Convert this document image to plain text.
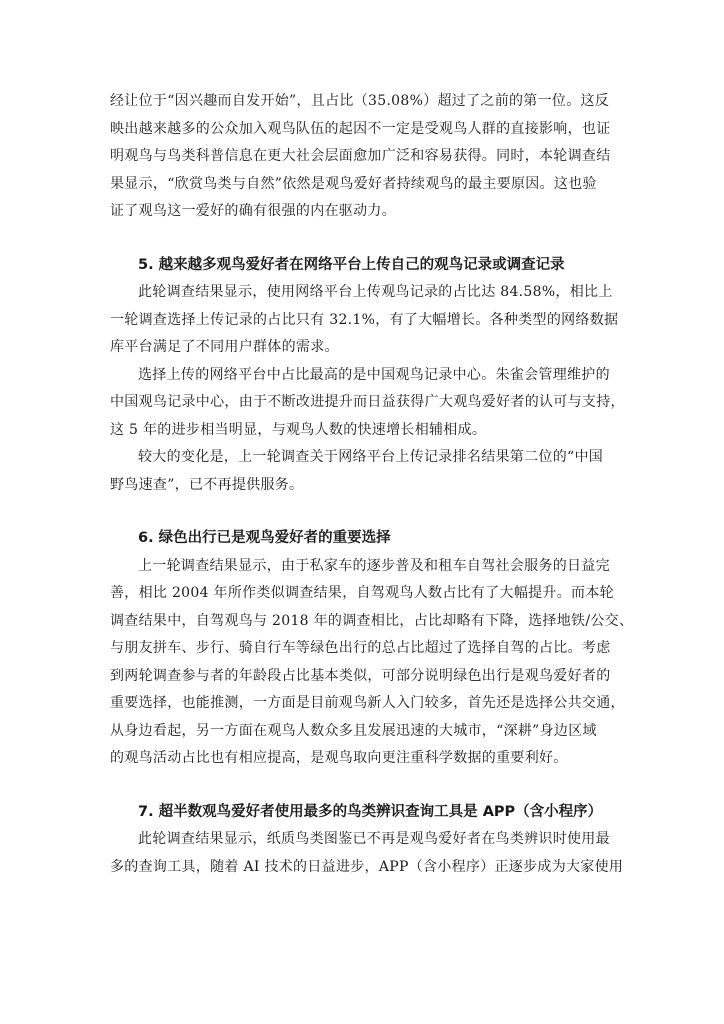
经让位于“因兴趣而自发开始”，且占比（35.08%）超过了之前的第一位。这反
映出越来越多的公众加入观鸟队伍的起因不一定是受观鸟人群的直接影响，也证
明观鸟与鸟类科普信息在更大社会层面愈加广泛和容易获得。同时，本轮调查结
果显示，“欣赏鸟类与自然”依然是观鸟爱好者持续观鸟的最主要原因。这也验
证了观鸟这一爱好的确有很强的内在驱动力。

5. 越来越多观鸟爱好者在网络平台上传自己的观鸟记录或调查记录

此轮调查结果显示，使用网络平台上传观鸟记录的占比达 84.58%，相比上
一轮调查选择上传记录的占比只有 32.1%，有了大幅增长。各种类型的网络数据
库平台满足了不同用户群体的需求。

选择上传的网络平台中占比最高的是中国观鸟记录中心。朱雀会管理维护的
中国观鸟记录中心，由于不断改进提升而日益获得广大观鸟爱好者的认可与支持，
这 5 年的进步相当明显，与观鸟人数的快速增长相辅相成。

较大的变化是，上一轮调查关于网络平台上传记录排名结果第二位的“中国
野鸟速查”，已不再提供服务。

6. 绿色出行已是观鸟爱好者的重要选择

上一轮调查结果显示，由于私家车的逐步普及和租车自驾社会服务的日益完
善，相比 2004 年所作类似调查结果，自驾观鸟人数占比有了大幅提升。而本轮
调查结果中，自驾观鸟与 2018 年的调查相比，占比却略有下降，选择地铁/公交、
与朋友拼车、步行、骑自行车等绿色出行的总占比超过了选择自驾的占比。考虑
到两轮调查参与者的年龄段占比基本类似，可部分说明绿色出行是观鸟爱好者的
重要选择，也能推测，一方面是目前观鸟新人入门较多，首先还是选择公共交通，
从身边看起，另一方面在观鸟人数众多且发展迅速的大城市，“深耕”身边区域
的观鸟活动占比也有相应提高，是观鸟取向更注重科学数据的重要利好。

7. 超半数观鸟爱好者使用最多的鸟类辨识查询工具是 APP（含小程序）

此轮调查结果显示，纸质鸟类图鉴已不再是观鸟爱好者在鸟类辨识时使用最
多的查询工具，随着 AI 技术的日益进步，APP（含小程序）正逐步成为大家使用
